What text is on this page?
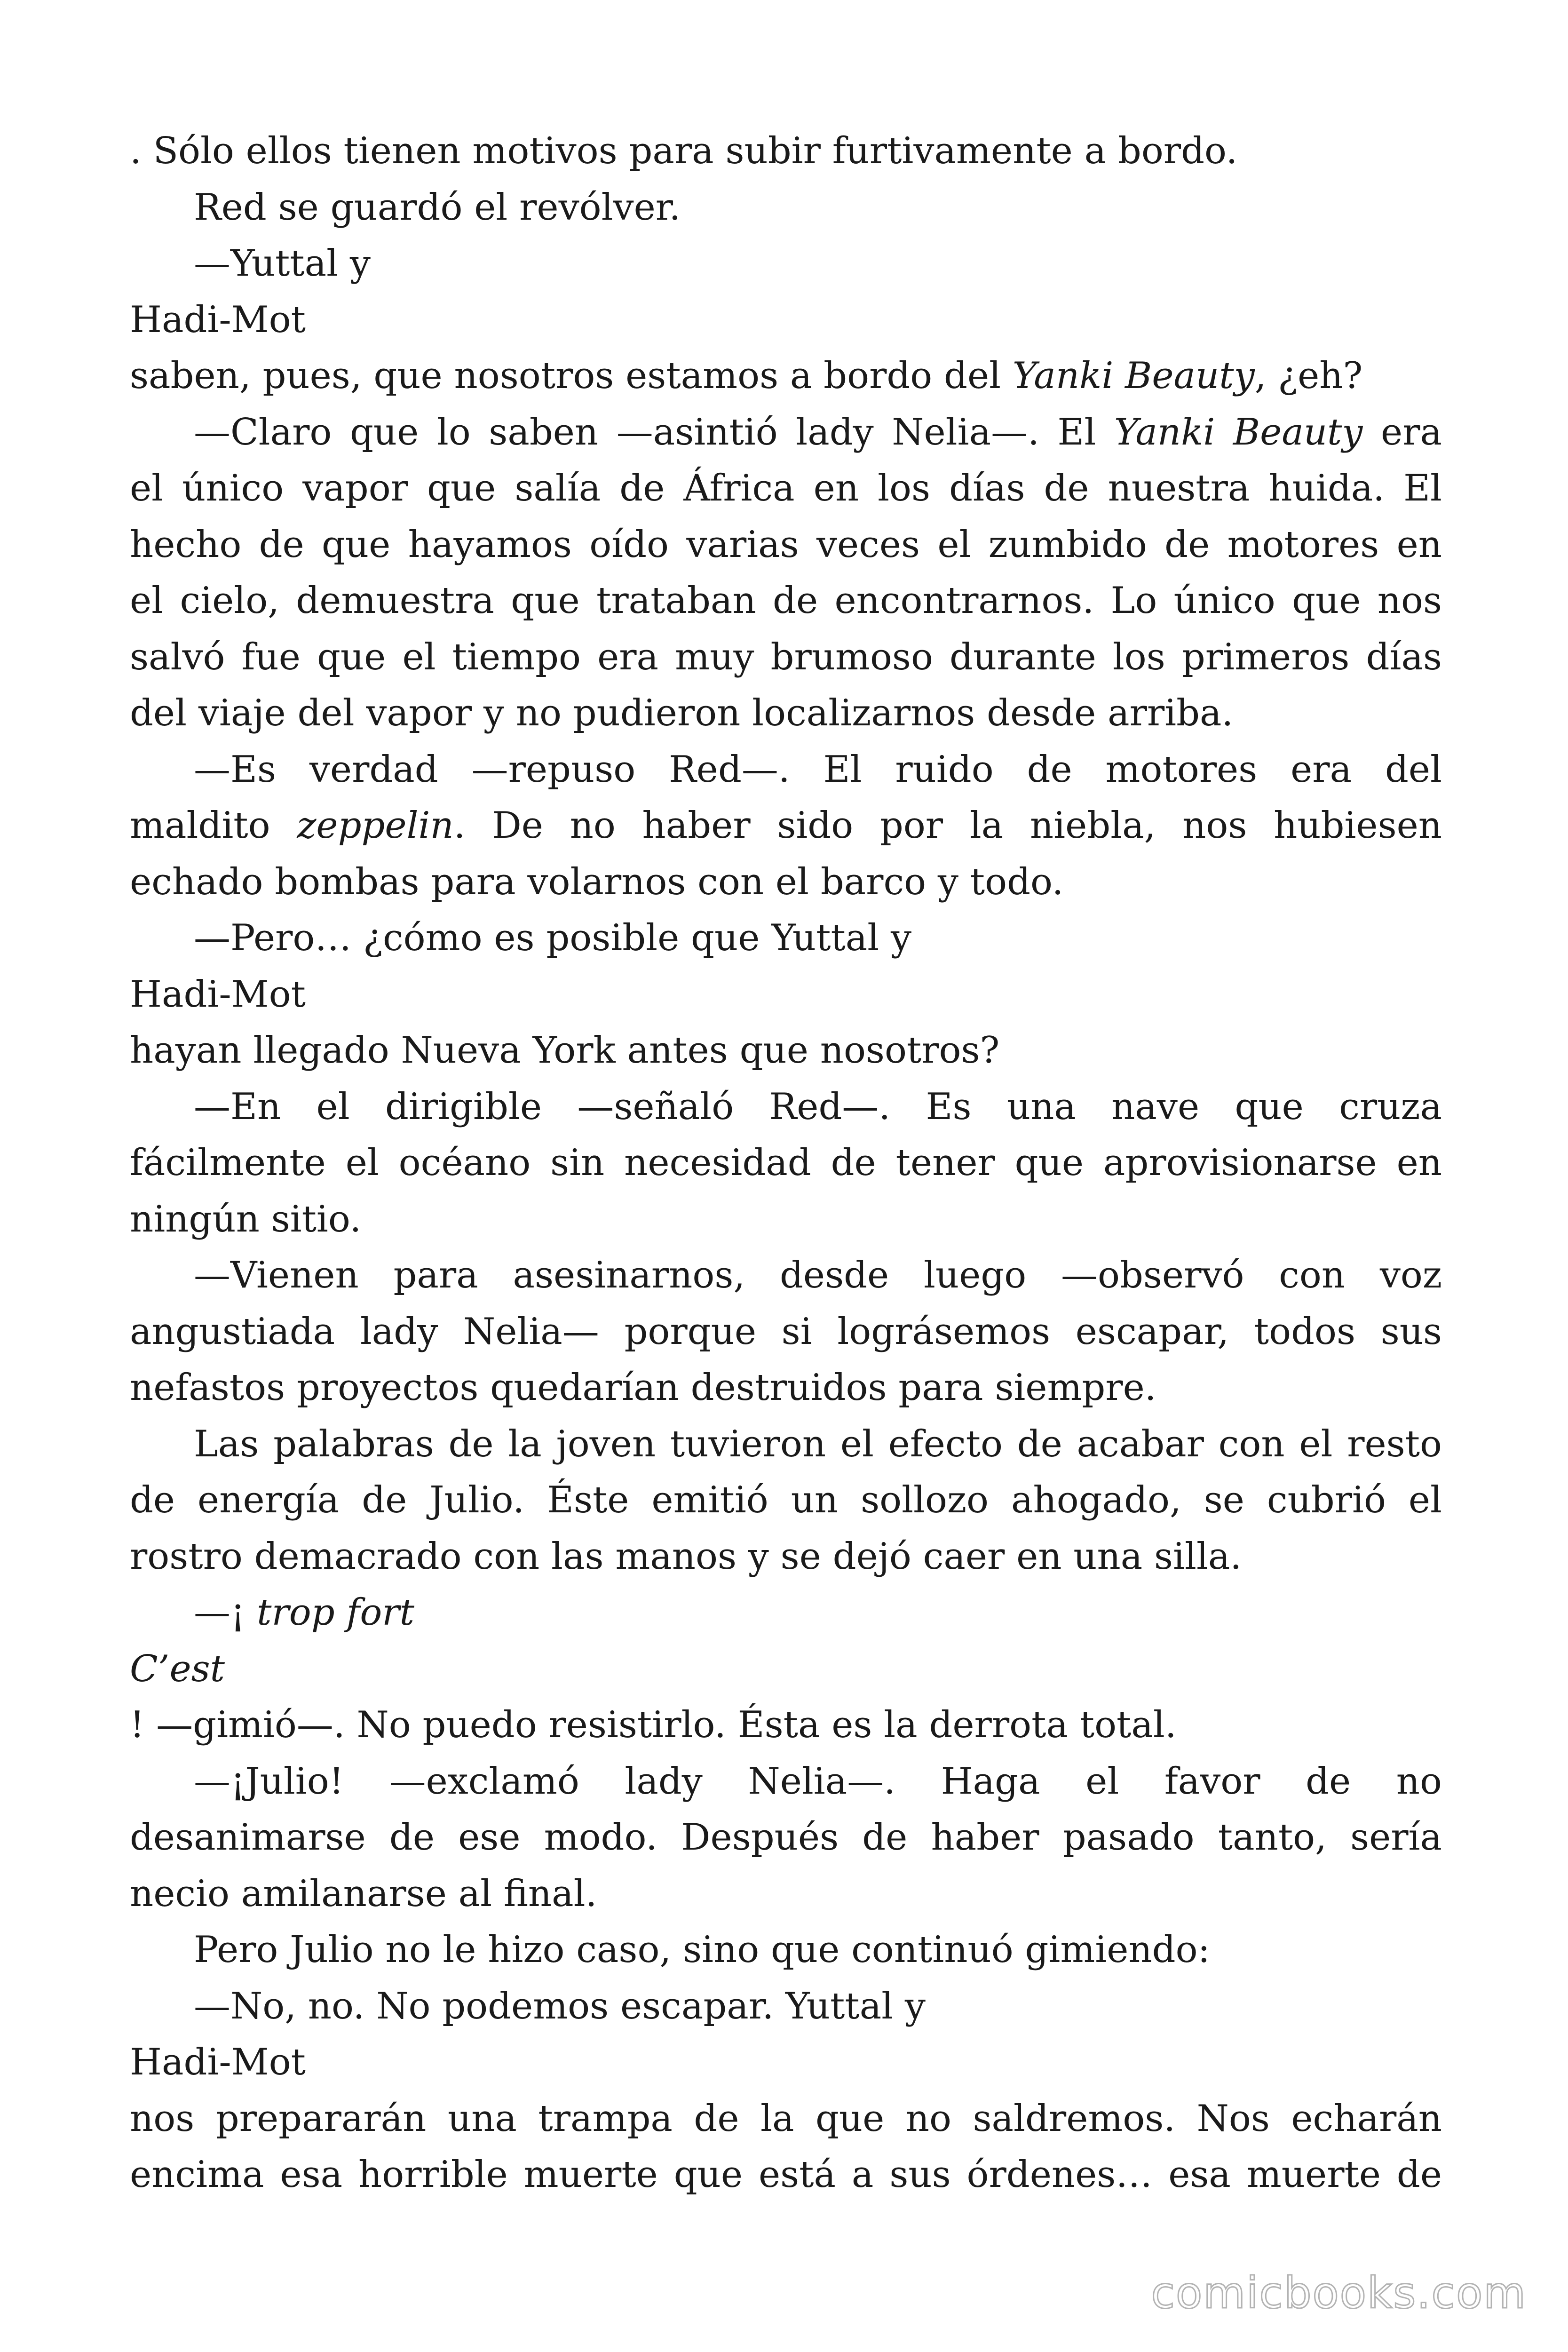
. Sólo ellos tienen motivos para subir furtivamente a bordo.
Red se guardó el revólver.
—Yuttal y
Hadi-Mot
saben, pues, que nosotros estamos a bordo del Yanki Beauty, ¿eh?
—Claro que lo saben —asintió lady Nelia—. El Yanki Beauty era
el único vapor que salía de África en los días de nuestra huida. El
hecho de que hayamos oído varias veces el zumbido de motores en
el cielo, demuestra que trataban de encontrarnos. Lo único que nos
salvó fue que el tiempo era muy brumoso durante los primeros días
del viaje del vapor y no pudieron localizarnos desde arriba.
—Es verdad —repuso Red—. El ruido de motores era del
maldito zeppelin. De no haber sido por la niebla, nos hubiesen
echado bombas para volarnos con el barco y todo.
—Pero… ¿cómo es posible que Yuttal y
Hadi-Mot
hayan llegado Nueva York antes que nosotros?
—En el dirigible —señaló Red—. Es una nave que cruza
fácilmente el océano sin necesidad de tener que aprovisionarse en
ningún sitio.
—Vienen para asesinarnos, desde luego —observó con voz
angustiada lady Nelia— porque si lográsemos escapar, todos sus
nefastos proyectos quedarían destruidos para siempre.
Las palabras de la joven tuvieron el efecto de acabar con el resto
de energía de Julio. Éste emitió un sollozo ahogado, se cubrió el
rostro demacrado con las manos y se dejó caer en una silla.
—¡ trop fort
C’est
! —gimió—. No puedo resistirlo. Ésta es la derrota total.
—¡Julio! —exclamó lady Nelia—. Haga el favor de no
desanimarse de ese modo. Después de haber pasado tanto, sería
necio amilanarse al final.
Pero Julio no le hizo caso, sino que continuó gimiendo:
—No, no. No podemos escapar. Yuttal y
Hadi-Mot
nos prepararán una trampa de la que no saldremos. Nos echarán
encima esa horrible muerte que está a sus órdenes… esa muerte de
comicbooks.com
